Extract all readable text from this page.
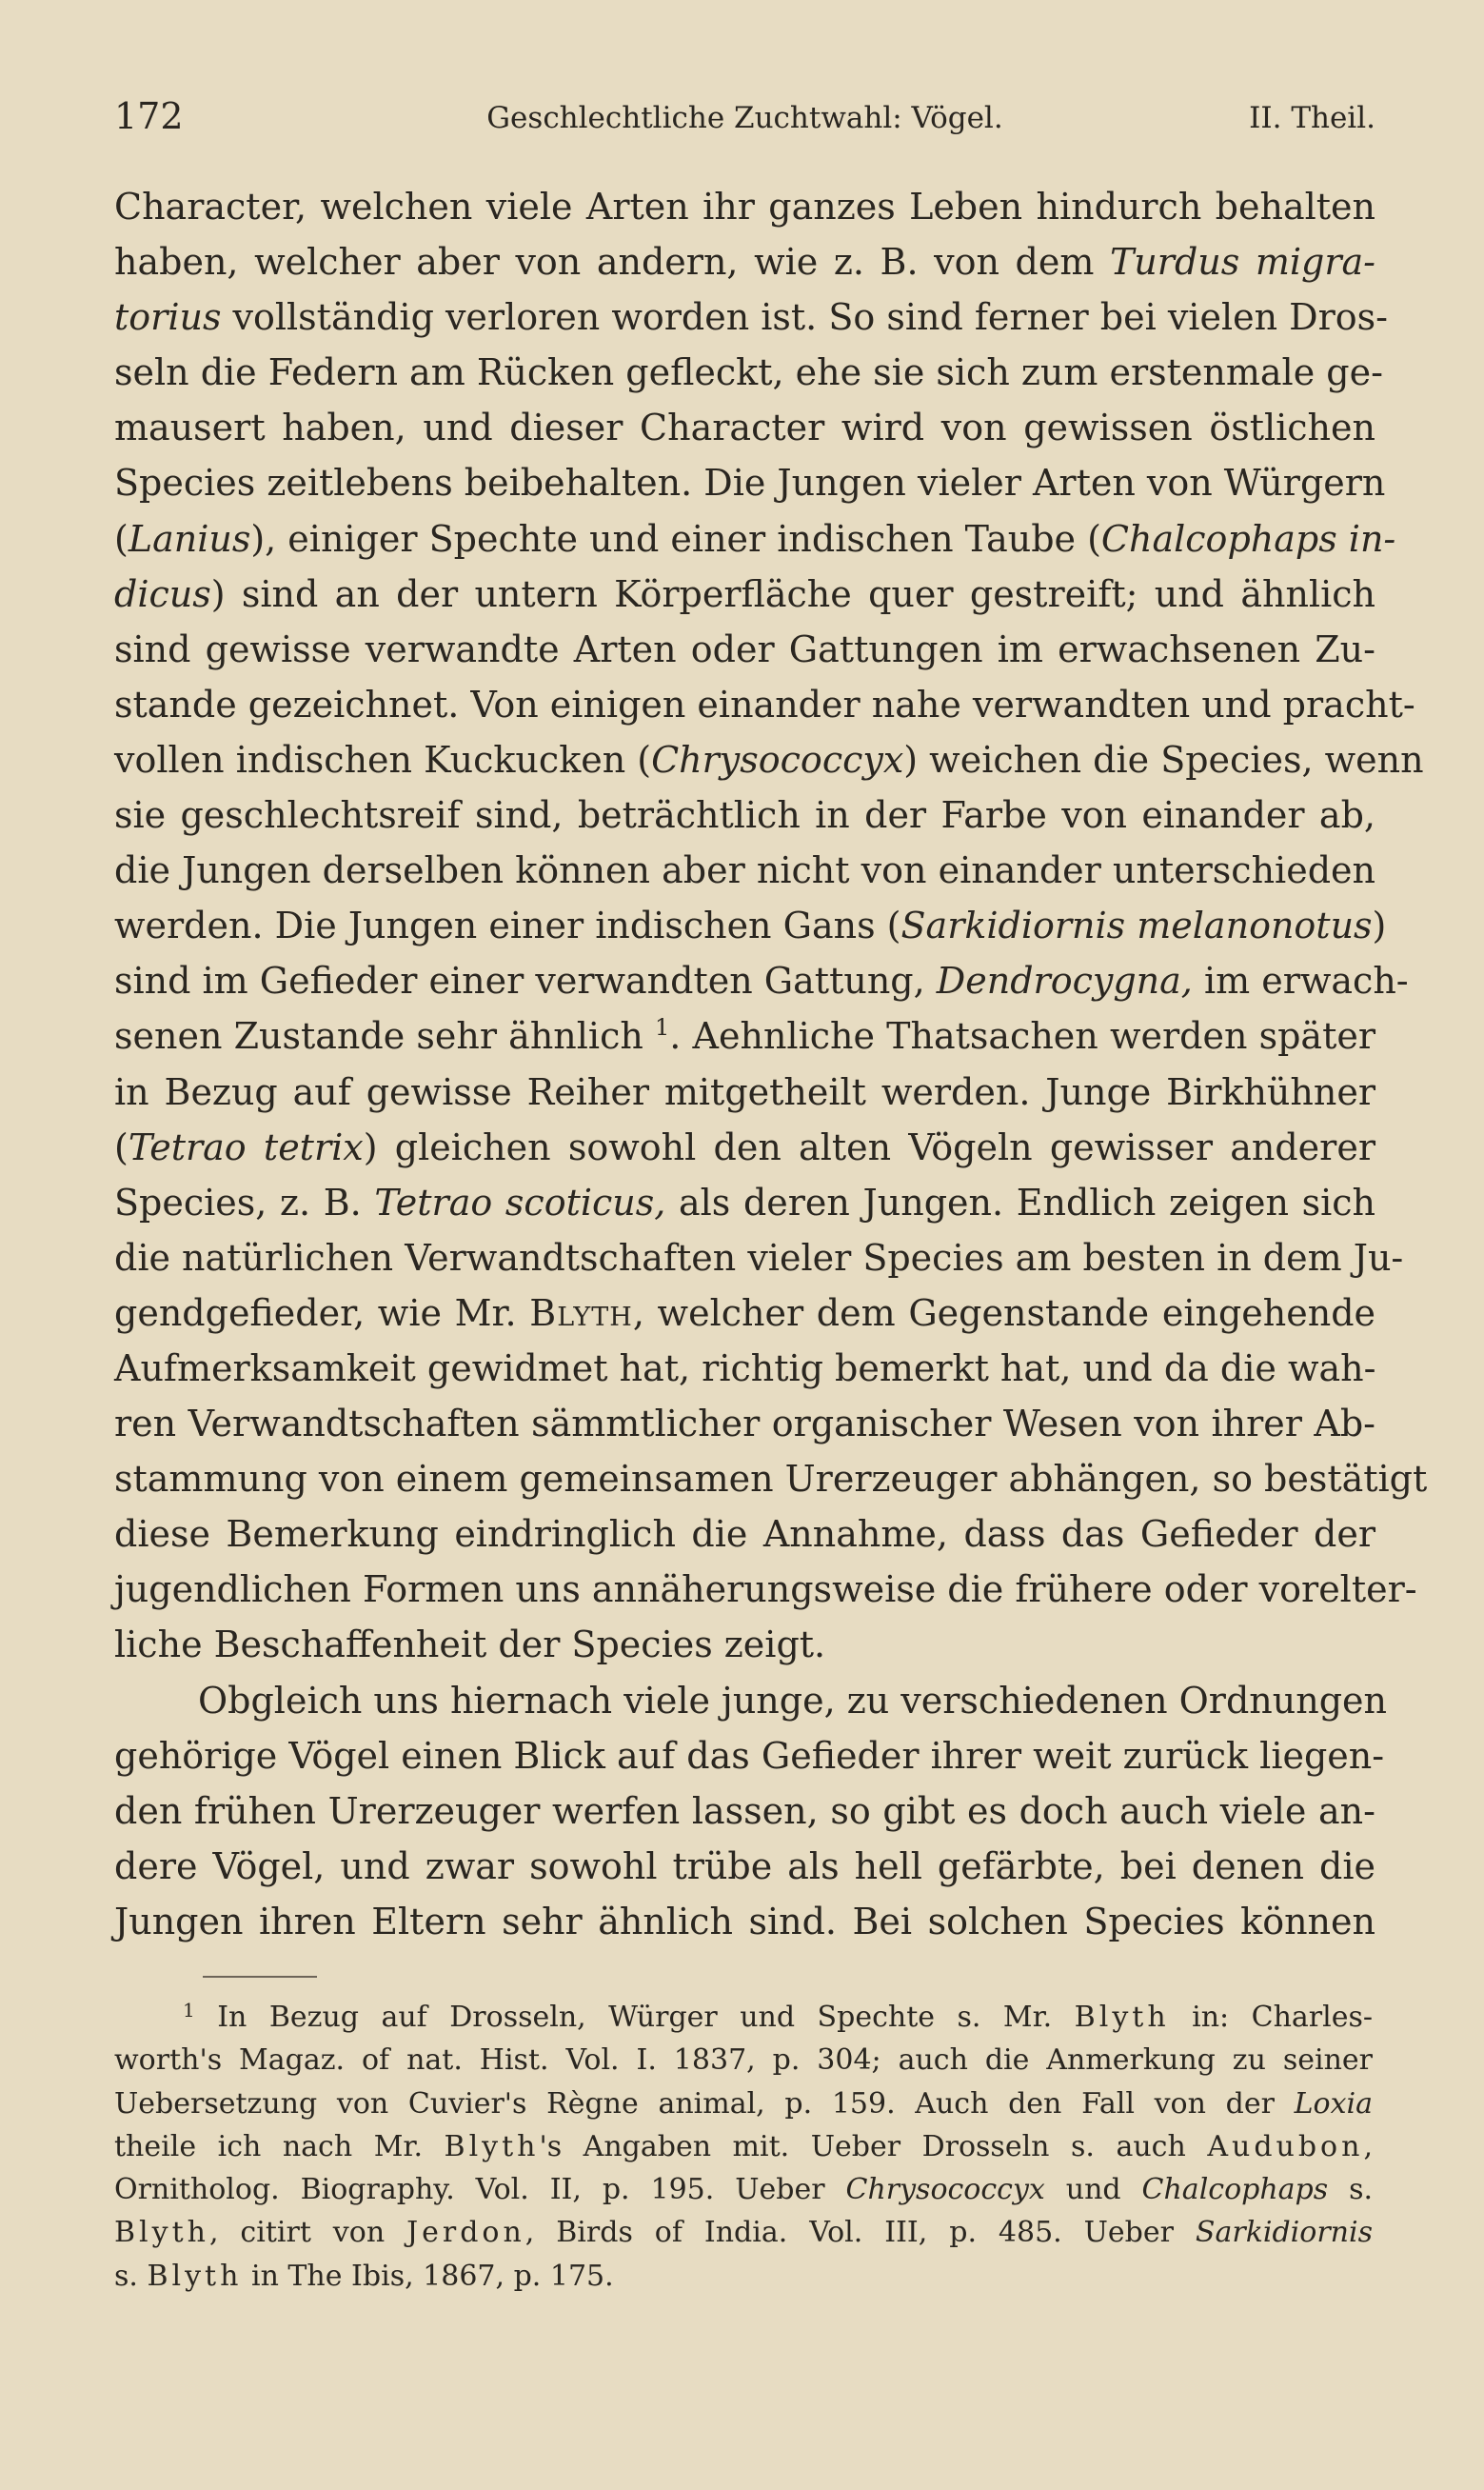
172	Geschlechtliche Zuchtwahl: Vögel.	II. Theil.
Character, welchen viele Arten ihr ganzes Leben hindurch behalten
haben, welcher aber von andern, wie z. B. von dem Turdus migra-
torius vollständig verloren worden ist. So sind ferner bei vielen Dros-
seln die Federn am Rücken gefleckt, ehe sie sich zum erstenmale ge-
mausert haben, und dieser Character wird von gewissen östlichen
Species zeitlebens beibehalten. Die Jungen vieler Arten von Würgern
(Lanius), einiger Spechte und einer indischen Taube (Chalcophaps in-
dicus) sind an der untern Körperfläche quer gestreift; und ähnlich
sind gewisse verwandte Arten oder Gattungen im erwachsenen Zu-
stande gezeichnet. Von einigen einander nahe verwandten und pracht-
vollen indischen Kuckucken (Chrysococcyx) weichen die Species, wenn
sie geschlechtsreif sind, beträchtlich in der Farbe von einander ab,
die Jungen derselben können aber nicht von einander unterschieden
werden. Die Jungen einer indischen Gans (Sarkidiornis melanonotus)
sind im Gefieder einer verwandten Gattung, Dendrocygna, im erwach-
senen Zustande sehr ähnlich $^1$. Aehnliche Thatsachen werden später
in Bezug auf gewisse Reiher mitgetheilt werden. Junge Birkhühner
(Tetrao tetrix) gleichen sowohl den alten Vögeln gewisser anderer
Species, z. B. Tetrao scoticus, als deren Jungen. Endlich zeigen sich
die natürlichen Verwandtschaften vieler Species am besten in dem Ju-
gendgefieder, wie Mr. Blyth, welcher dem Gegenstande eingehende
Aufmerksamkeit gewidmet hat, richtig bemerkt hat, und da die wah-
ren Verwandtschaften sämmtlicher organischer Wesen von ihrer Ab-
stammung von einem gemeinsamen Urerzeuger abhängen, so bestätigt
diese Bemerkung eindringlich die Annahme, dass das Gefieder der
jugendlichen Formen uns annäherungsweise die frühere oder vorelter-
liche Beschaffenheit der Species zeigt.
Obgleich uns hiernach viele junge, zu verschiedenen Ordnungen
gehörige Vögel einen Blick auf das Gefieder ihrer weit zurück liegen-
den frühen Urerzeuger werfen lassen, so gibt es doch auch viele an-
dere Vögel, und zwar sowohl trübe als hell gefärbte, bei denen die
Jungen ihren Eltern sehr ähnlich sind. Bei solchen Species können
$^1$ In Bezug auf Drosseln, Würger und Spechte s. Mr. Blyth in: Charles-
worth's Magaz. of nat. Hist. Vol. I. 1837, p. 304; auch die Anmerkung zu seiner
Uebersetzung von Cuvier's Règne animal, p. 159. Auch den Fall von der Loxia
theile ich nach Mr. Blyth's Angaben mit. Ueber Drosseln s. auch Audubon,
Ornitholog. Biography. Vol. II, p. 195. Ueber Chrysococcyx und Chalcophaps s.
Blyth, citirt von Jerdon, Birds of India. Vol. III, p. 485. Ueber Sarkidiornis
s. Blyth in The Ibis, 1867, p. 175.
